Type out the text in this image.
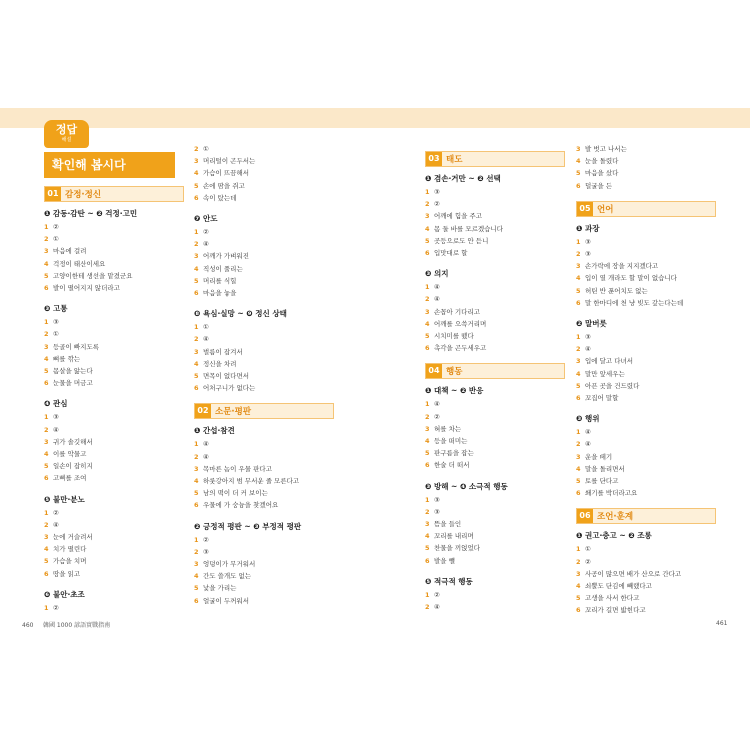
정답
해설
확인해 봅시다
01 감정·정신
❶ 감동·감탄 ~ ❷ 걱정·고민
1 ②
2 ①
3 마음에 걸려
4 걱정이 태산이세요
5 고양이한테 생선을 맡겼군요
6 발이 떨어지지 않더라고
❸ 고통
1 ③
2 ①
3 등골이 빠지도록
4 뼈를 깎는
5 몸살을 앓는다
6 눈물을 머금고
❹ 관심
1 ③
2 ④
3 귀가 솔깃해서
4 이를 악물고
5 일손이 잡히지
6 고삐를 조여
❺ 불만·분노
1 ②
2 ④
3 눈에 거슬려서
4 치가 떨린다
5 가슴을 치며
6 땅을 읽고
❻ 불안·초조
1 ②
2 ①
3 머리털이 곤두서는
4 가슴이 뜨끔해서
5 손에 땀을 쥐고
6 속이 탔는데
❼ 안도
1 ②
2 ④
3 어깨가 가벼워진
4 직성이 풀리는
5 머리를 식힐
6 마음을 놓을
❽ 욕심·실망 ~ ❾ 정신 상태
1 ①
2 ④
3 벌름이 잡겨서
4 정신을 차려
5 면목이 없다면서
6 어처구니가 없다는
02 소문·평판
❶ 간섭·참견
1 ④
2 ④
3 목마른 놈이 우물 판다고
4 하룻강아지 범 무서운 줄 모른다고
5 남의 떡이 더 커 보이는
6 우물에 가 숭늉을 찾겠어요
❷ 긍정적 평판 ~ ❸ 부정적 평판
1 ②
2 ③
3 엉덩이가 무거워서
4 간도 쓸개도 없는
5 낯을 가리는
6 얼굴이 두꺼워서
03 태도
❶ 겸손·거만 ~ ❷ 선택
1 ③
2 ②
3 어깨에 힘을 주고
4 몸 둘 바를 모르겠습니다
5 곳등으로도 안 듣니
6 입맛대로 할
❸ 의지
1 ④
2 ④
3 손꼽아 기다리고
4 어깨를 으쓱거리며
5 시치미를 뗐다
6 촉각을 곤두세우고
04 행동
❶ 대책 ~ ❷ 반응
1 ④
2 ②
3 혀를 차는
4 등을 떠미는
5 판구름을 잡는
6 한술 더 떠서
❸ 방해 ~ ❹ 소극적 행동
1 ③
2 ③
3 뜸을 들인
4 꼬리를 내리며
5 찬물을 끼얹었다
6 발을 뺄
❺ 적극적 행동
1 ②
2 ④
3 발 벗고 나서는
4 눈을 돌렸다
5 마음을 샀다
6 덜굴을 든
05 언어
❶ 과장
1 ③
2 ③
3 손가락에 장을 지지겠다고
4 입이 열 개라도 할 말이 없습니다
5 허틴 반 푼어치도 없는
6 말 한마디에 천 냥 빚도 갚는다는데
❷ 말버릇
1 ③
2 ④
3 입에 달고 다녀서
4 말만 앞세우는
5 아픈 곳을 건드렸다
6 꼬집어 말할
❸ 행위
1 ④
2 ④
3 운을 떼기
4 말을 돌리면서
5 토를 단다고
6 쐐기를 박더라고요
06 조언·훈계
❶ 권고·충고 ~ ❷ 조롱
1 ①
2 ②
3 사공이 많으면 배가 산으로 간다고
4 쇠뿔도 단김에 빼랬다고
5 고생을 사서 한다고
6 꼬리가 길면 밟힌다고
460 韓國 1000 諺語實戰指南	461
